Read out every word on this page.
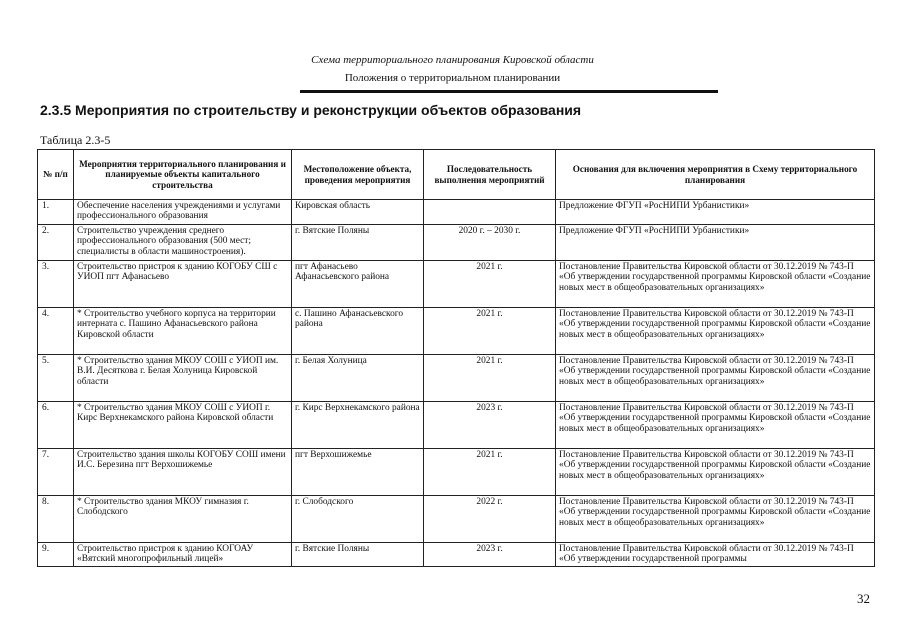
Схема территориального планирования Кировской области
Положения о территориальном планировании
2.3.5 Мероприятия по строительству и реконструкции объектов образования
Таблица 2.3-5
№ п/п	Мероприятия территориального планирования и планируемые объекты капитального строительства	Местоположение объекта, проведения мероприятия	Последовательность выполнения мероприятий	Основания для включения мероприятия в Схему территориального планирования
1.	Обеспечение населения учреждениями и услугами профессионального образования	Кировская область		Предложение ФГУП «РосНИПИ Урбанистики»
2.	Строительство учреждения среднего профессионального образования (500 мест; специалисты в области машиностроения).	г. Вятские Поляны	2020 г. – 2030 г.	Предложение ФГУП «РосНИПИ Урбанистики»
3.	Строительство пристроя к зданию КОГОБУ СШ с УИОП пгт Афанасьево	пгт Афанасьево Афанасьевского района	2021 г.	Постановление Правительства Кировской области от 30.12.2019 № 743-П «Об утверждении государственной программы Кировской области «Создание новых мест в общеобразовательных организациях»
4.	* Строительство учебного корпуса на территории интерната с. Пашино Афанасьевского района Кировской области	с. Пашино Афанасьевского района	2021 г.	Постановление Правительства Кировской области от 30.12.2019 № 743-П «Об утверждении государственной программы Кировской области «Создание новых мест в общеобразовательных организациях»
5.	* Строительство здания МКОУ СОШ с УИОП им. В.И. Десяткова г. Белая Холуница Кировской области	г. Белая Холуница	2021 г.	Постановление Правительства Кировской области от 30.12.2019 № 743-П «Об утверждении государственной программы Кировской области «Создание новых мест в общеобразовательных организациях»
6.	* Строительство здания МКОУ СОШ с УИОП г. Кирс Верхнекамского района Кировской области	г. Кирс Верхнекамского района	2023 г.	Постановление Правительства Кировской области от 30.12.2019 № 743-П «Об утверждении государственной программы Кировской области «Создание новых мест в общеобразовательных организациях»
7.	Строительство здания школы КОГОБУ СОШ имени И.С. Березина пгт Верхошижемье	пгт Верхошижемье	2021 г.	Постановление Правительства Кировской области от 30.12.2019 № 743-П «Об утверждении государственной программы Кировской области «Создание новых мест в общеобразовательных организациях»
8.	* Строительство здания МКОУ гимназия г. Слободского	г. Слободского	2022 г.	Постановление Правительства Кировской области от 30.12.2019 № 743-П «Об утверждении государственной программы Кировской области «Создание новых мест в общеобразовательных организациях»
9.	Строительство пристроя к зданию КОГОАУ «Вятский многопрофильный лицей»	г. Вятские Поляны	2023 г.	Постановление Правительства Кировской области от 30.12.2019 № 743-П «Об утверждении государственной программы
32
